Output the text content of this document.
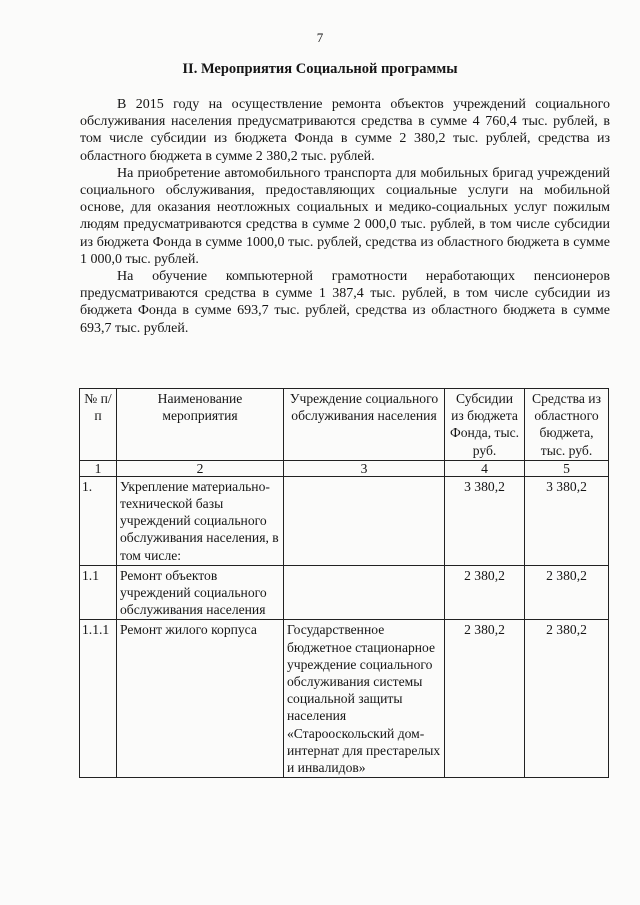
7
II. Мероприятия Социальной программы

В 2015 году на осуществление ремонта объектов учреждений социального обслуживания населения предусматриваются средства в сумме 4 760,4 тыс. рублей, в том числе субсидии из бюджета Фонда в сумме 2 380,2 тыс. рублей, средства из областного бюджета в сумме 2 380,2 тыс. рублей.

На приобретение автомобильного транспорта для мобильных бригад учреждений социального обслуживания, предоставляющих социальные услуги на мобильной основе, для оказания неотложных социальных и медико-социальных услуг пожилым людям предусматриваются средства в сумме 2 000,0 тыс. рублей, в том числе субсидии из бюджета Фонда в сумме 1000,0 тыс. рублей, средства из областного бюджета в сумме 1 000,0 тыс. рублей.

На обучение компьютерной грамотности неработающих пенсионеров предусматриваются средства в сумме 1 387,4 тыс. рублей, в том числе субсидии из бюджета Фонда в сумме 693,7 тыс. рублей, средства из областного бюджета в сумме 693,7 тыс. рублей.

№ п/п	Наименование мероприятия	Учреждение социального обслуживания населения	Субсидии из бюджета Фонда, тыс. руб.	Средства из областного бюджета, тыс. руб.
1	2	3	4	5
1.	Укрепление материально-технической базы учреждений социального обслуживания населения, в том числе:		3 380,2	3 380,2
1.1	Ремонт объектов учреждений социального обслуживания населения		2 380,2	2 380,2
1.1.1	Ремонт жилого корпуса	Государственное бюджетное стационарное учреждение социального обслуживания системы социальной защиты населения «Старооскольский дом-интернат для престарелых и инвалидов»	2 380,2	2 380,2
